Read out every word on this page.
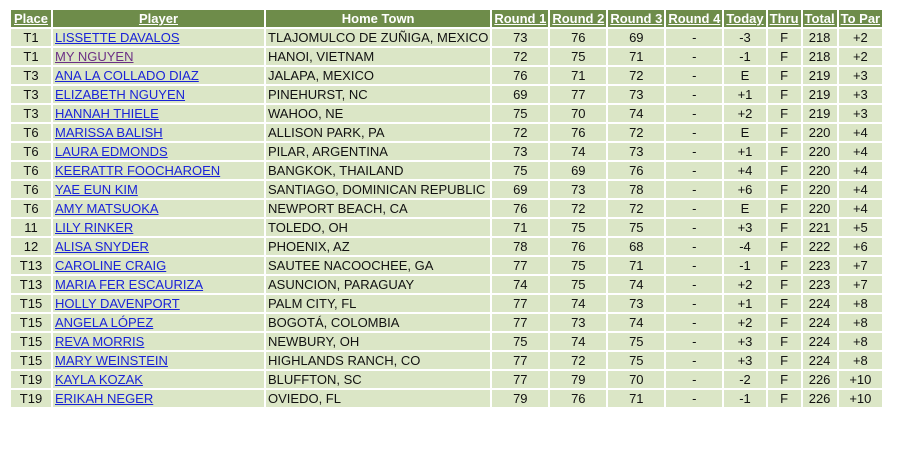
Place	Player	Home Town	Round 1	Round 2	Round 3	Round 4	Today	Thru	Total	To Par
T1	LISSETTE DAVALOS	TLAJOMULCO DE ZUÑIGA, MEXICO	73	76	69	-	-3	F	218	+2
T1	MY NGUYEN	HANOI, VIETNAM	72	75	71	-	-1	F	218	+2
T3	ANA LA COLLADO DIAZ	JALAPA, MEXICO	76	71	72	-	E	F	219	+3
T3	ELIZABETH NGUYEN	PINEHURST, NC	69	77	73	-	+1	F	219	+3
T3	HANNAH THIELE	WAHOO, NE	75	70	74	-	+2	F	219	+3
T6	MARISSA BALISH	ALLISON PARK, PA	72	76	72	-	E	F	220	+4
T6	LAURA EDMONDS	PILAR, ARGENTINA	73	74	73	-	+1	F	220	+4
T6	KEERATTR FOOCHAROEN	BANGKOK, THAILAND	75	69	76	-	+4	F	220	+4
T6	YAE EUN KIM	SANTIAGO, DOMINICAN REPUBLIC	69	73	78	-	+6	F	220	+4
T6	AMY MATSUOKA	NEWPORT BEACH, CA	76	72	72	-	E	F	220	+4
11	LILY RINKER	TOLEDO, OH	71	75	75	-	+3	F	221	+5
12	ALISA SNYDER	PHOENIX, AZ	78	76	68	-	-4	F	222	+6
T13	CAROLINE CRAIG	SAUTEE NACOOCHEE, GA	77	75	71	-	-1	F	223	+7
T13	MARIA FER ESCAURIZA	ASUNCION, PARAGUAY	74	75	74	-	+2	F	223	+7
T15	HOLLY DAVENPORT	PALM CITY, FL	77	74	73	-	+1	F	224	+8
T15	ANGELA LÓPEZ	BOGOTÁ, COLOMBIA	77	73	74	-	+2	F	224	+8
T15	REVA MORRIS	NEWBURY, OH	75	74	75	-	+3	F	224	+8
T15	MARY WEINSTEIN	HIGHLANDS RANCH, CO	77	72	75	-	+3	F	224	+8
T19	KAYLA KOZAK	BLUFFTON, SC	77	79	70	-	-2	F	226	+10
T19	ERIKAH NEGER	OVIEDO, FL	79	76	71	-	-1	F	226	+10
